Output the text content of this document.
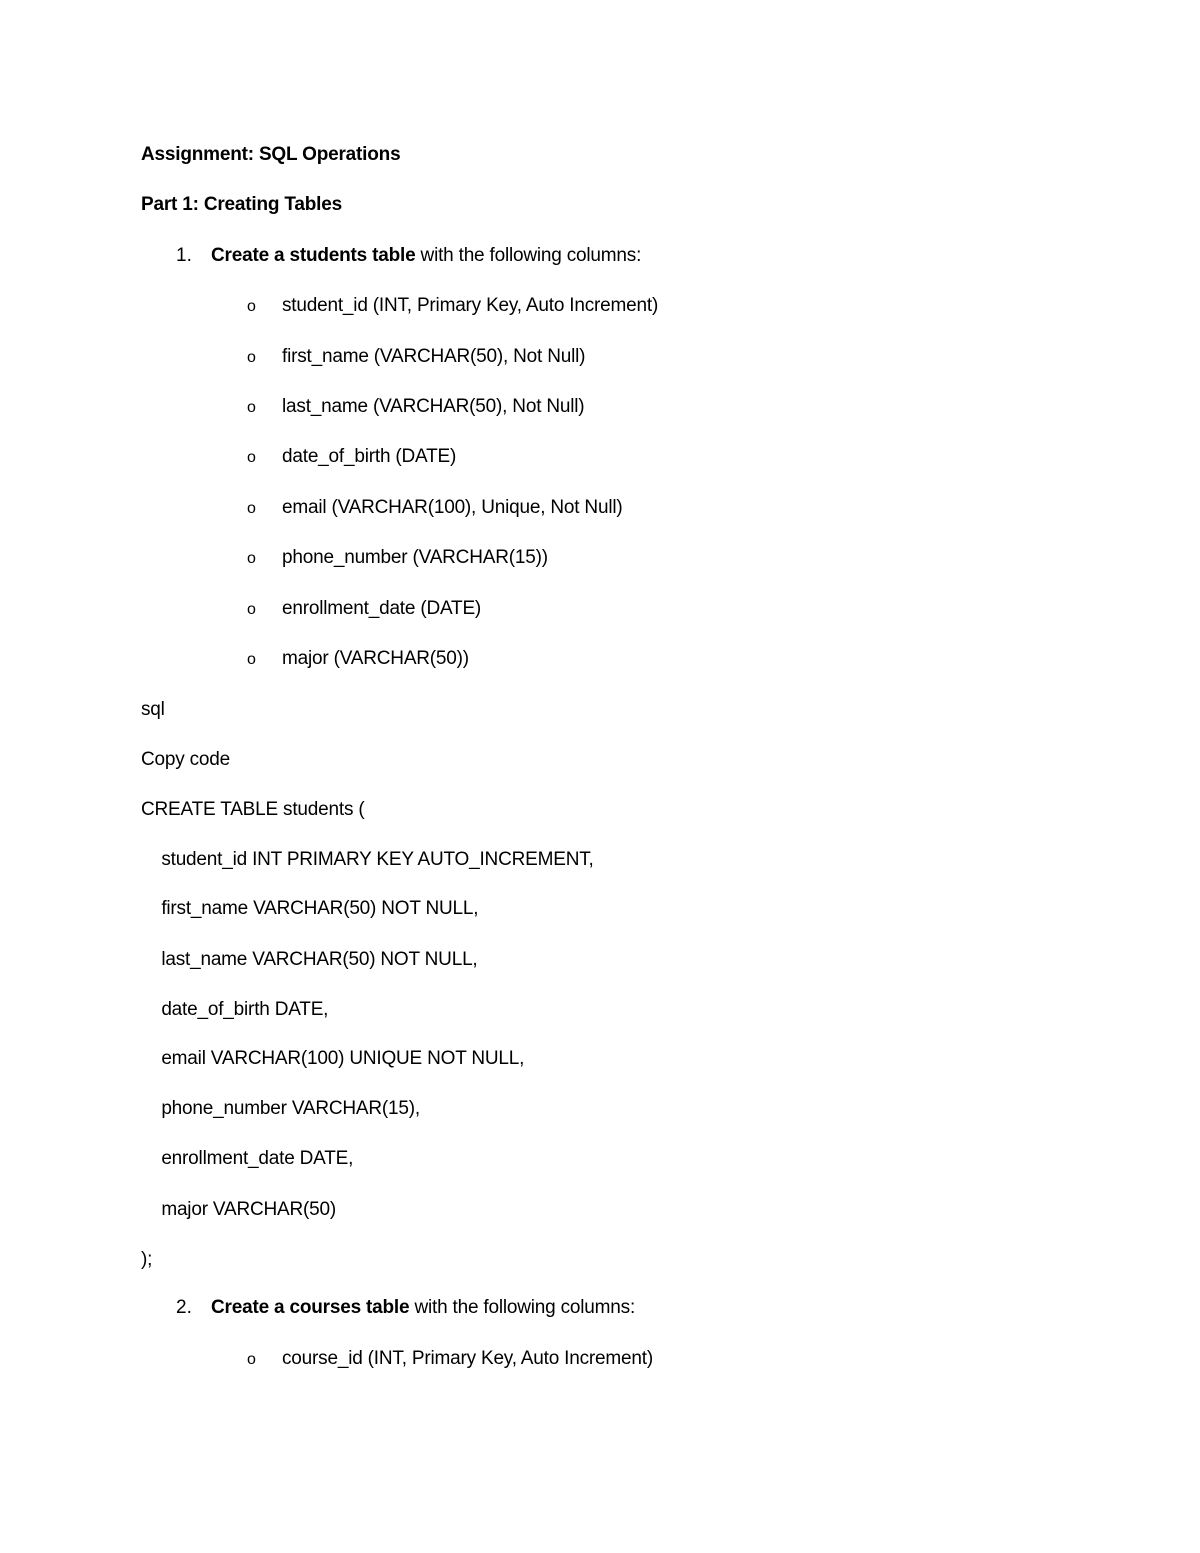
Assignment: SQL Operations
Part 1: Creating Tables
1. Create a students table with the following columns:
o student_id (INT, Primary Key, Auto Increment)
o first_name (VARCHAR(50), Not Null)
o last_name (VARCHAR(50), Not Null)
o date_of_birth (DATE)
o email (VARCHAR(100), Unique, Not Null)
o phone_number (VARCHAR(15))
o enrollment_date (DATE)
o major (VARCHAR(50))
sql
Copy code
CREATE TABLE students (
student_id INT PRIMARY KEY AUTO_INCREMENT,
first_name VARCHAR(50) NOT NULL,
last_name VARCHAR(50) NOT NULL,
date_of_birth DATE,
email VARCHAR(100) UNIQUE NOT NULL,
phone_number VARCHAR(15),
enrollment_date DATE,
major VARCHAR(50)
);
2. Create a courses table with the following columns:
o course_id (INT, Primary Key, Auto Increment)
